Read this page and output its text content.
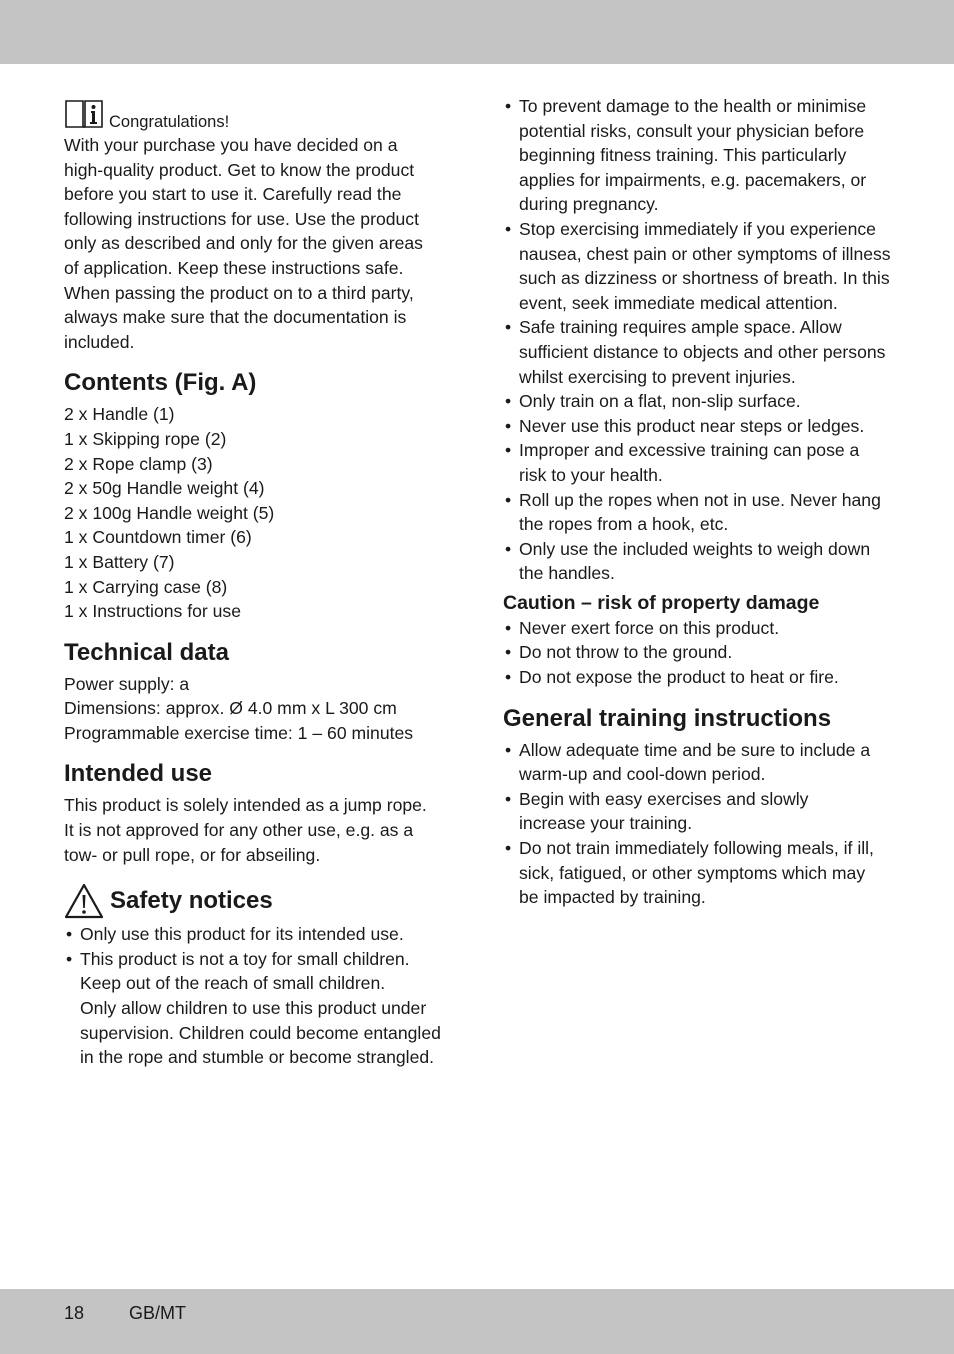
Congratulations!

With your purchase you have decided on a
high-quality product. Get to know the product
before you start to use it. Carefully read the
following instructions for use. Use the product
only as described and only for the given areas
of application. Keep these instructions safe.
When passing the product on to a third party,
always make sure that the documentation is
included.

Contents (Fig. A)
2 x Handle (1)
1 x Skipping rope (2)
2 x Rope clamp (3)
2 x 50g Handle weight (4)
2 x 100g Handle weight (5)
1 x Countdown timer (6)
1 x Battery (7)
1 x Carrying case (8)
1 x Instructions for use
Technical data
Power supply: a
Dimensions: approx. Ø 4.0 mm x L 300 cm
Programmable exercise time: 1 – 60 minutes
Intended use

This product is solely intended as a jump rope.
It is not approved for any other use, e.g. as a
tow- or pull rope, or for abseiling.

Safety notices
• Only use this product for its intended use.
• This product is not a toy for small children.
Keep out of the reach of small children.
Only allow children to use this product under
supervision. Children could become entangled
in the rope and stumble or become strangled.
• To prevent damage to the health or minimise
potential risks, consult your physician before
beginning fitness training. This particularly
applies for impairments, e.g. pacemakers, or
during pregnancy.
• Stop exercising immediately if you experience
nausea, chest pain or other symptoms of illness
such as dizziness or shortness of breath. In this
event, seek immediate medical attention.
• Safe training requires ample space. Allow
sufficient distance to objects and other persons
whilst exercising to prevent injuries.
• Only train on a flat, non-slip surface.
• Never use this product near steps or ledges.
• Improper and excessive training can pose a
risk to your health.
• Roll up the ropes when not in use. Never hang
the ropes from a hook, etc.
• Only use the included weights to weigh down
the handles.
Caution – risk of property damage
• Never exert force on this product.
• Do not throw to the ground.
• Do not expose the product to heat or fire.
General training instructions
• Allow adequate time and be sure to include a
warm-up and cool-down period.
• Begin with easy exercises and slowly
increase your training.
• Do not train immediately following meals, if ill,
sick, fatigued, or other symptoms which may
be impacted by training.
18 GB/MT
